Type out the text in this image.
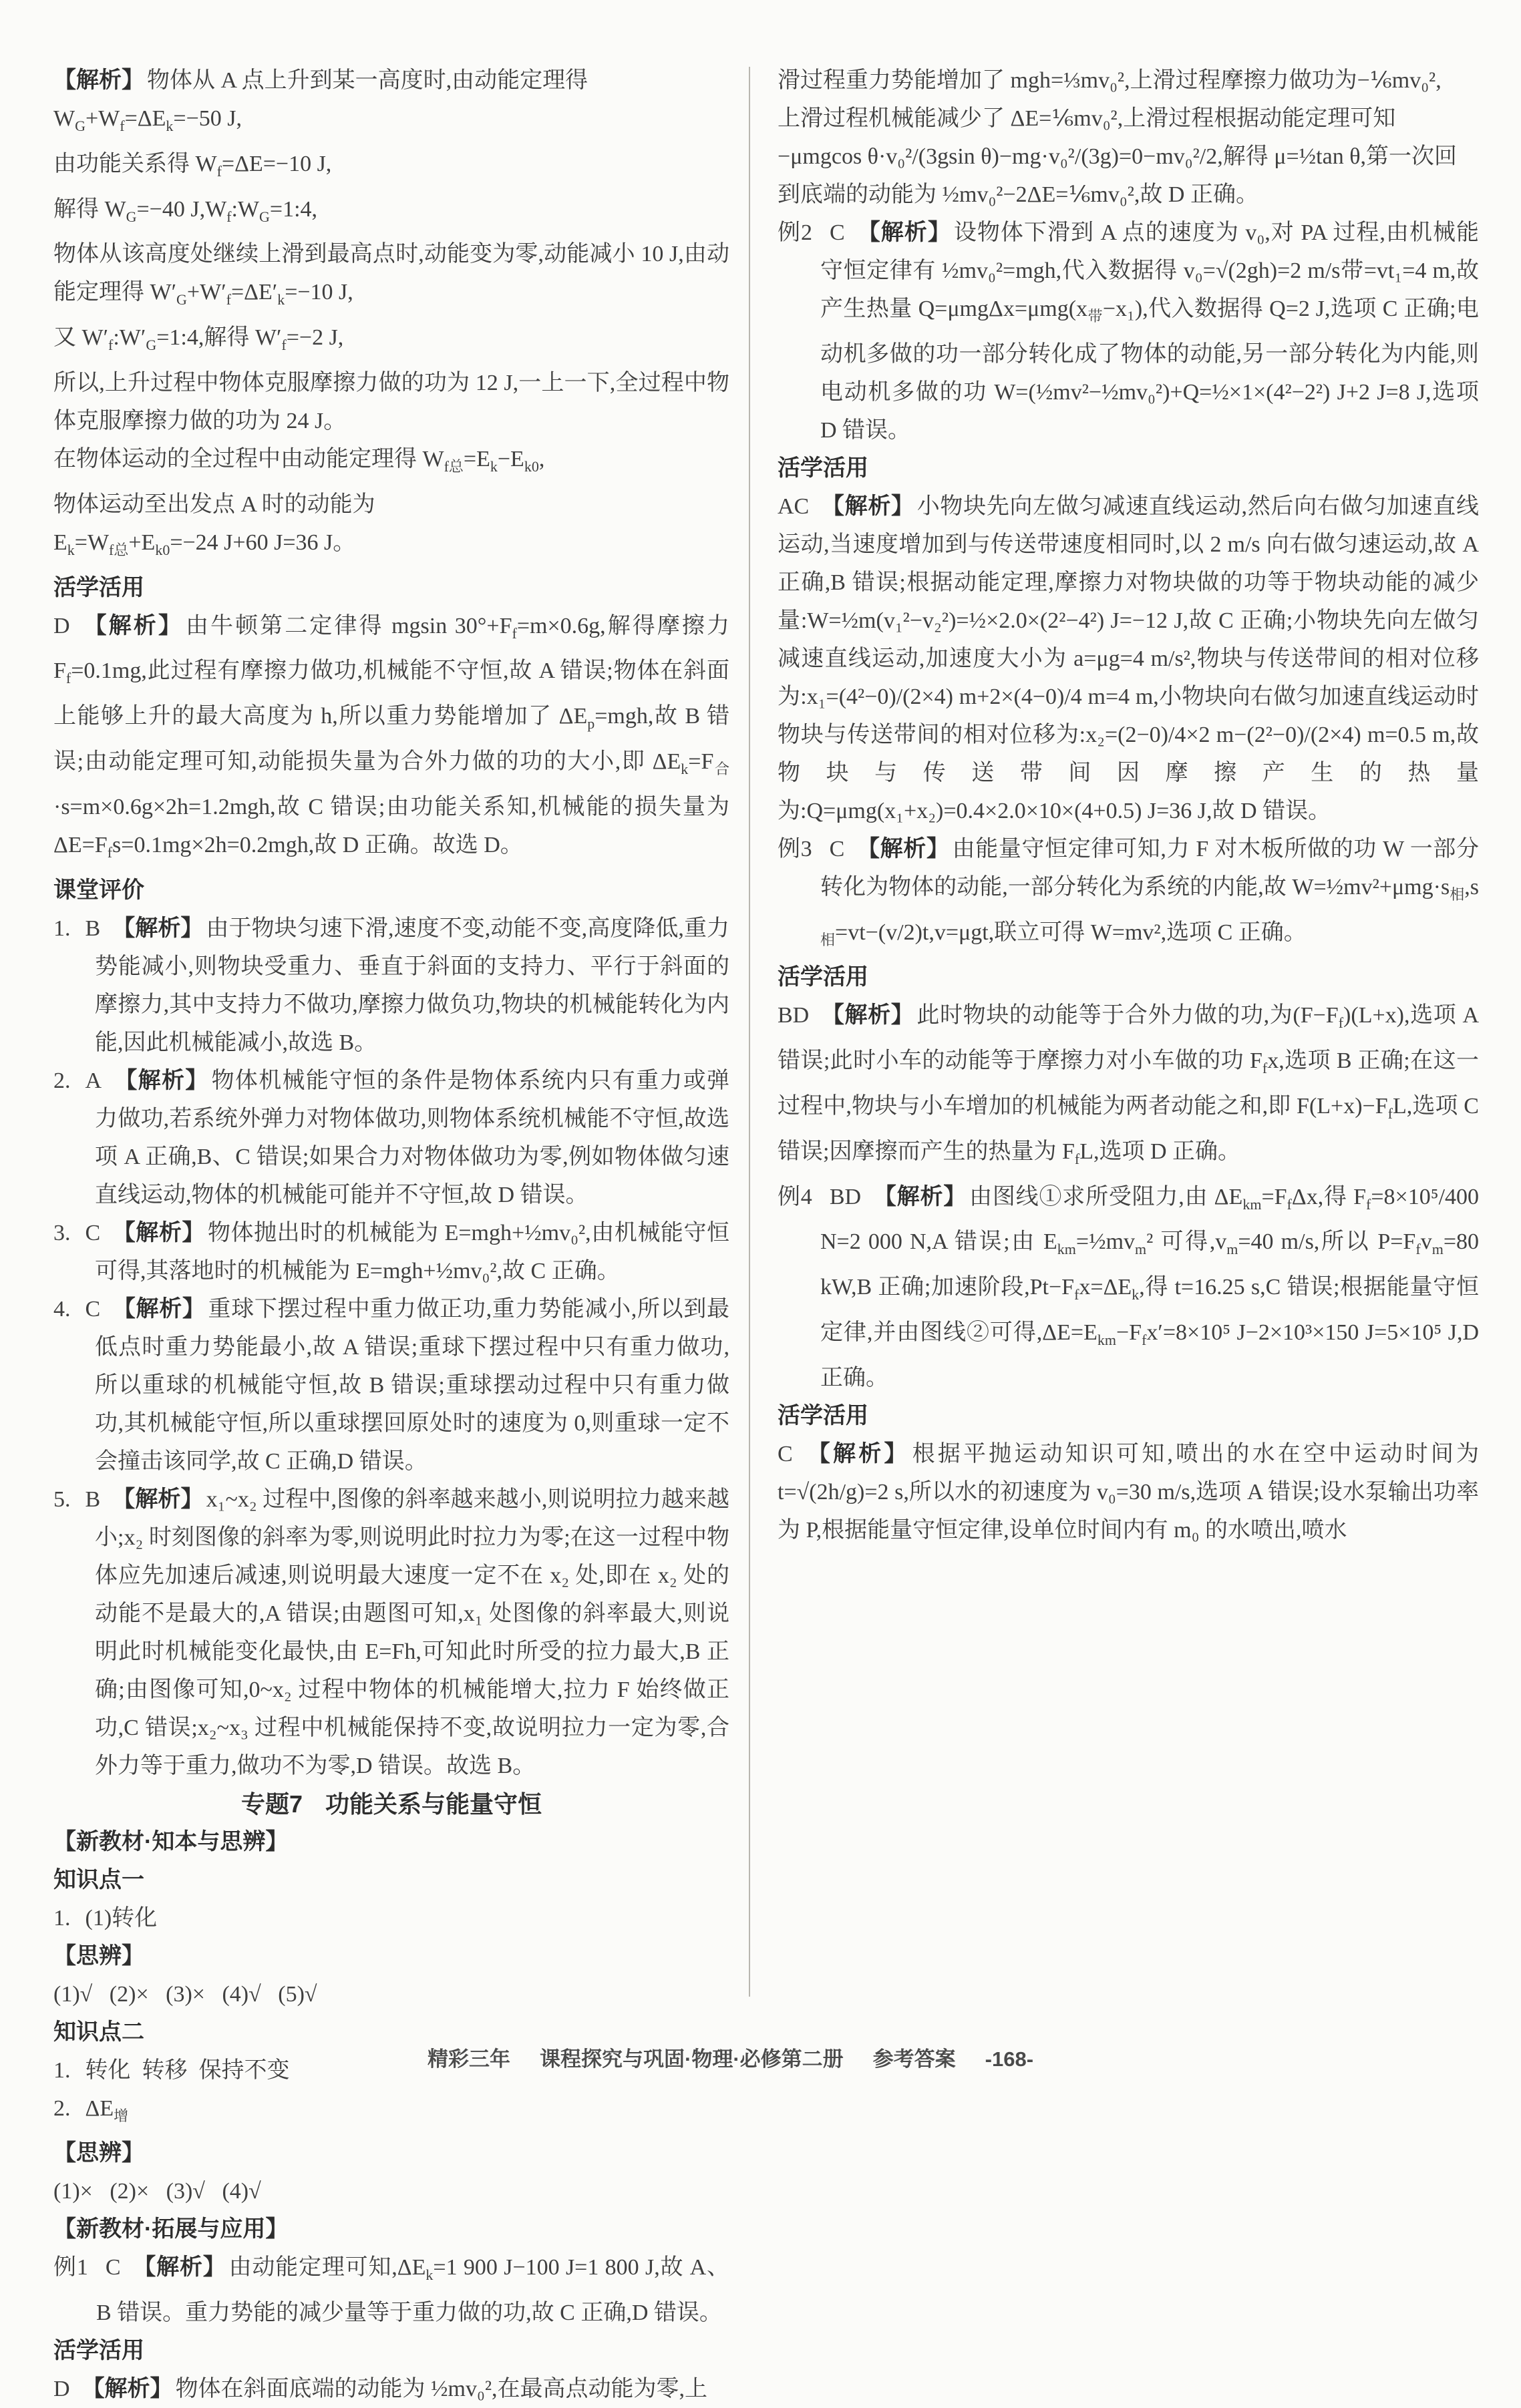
【解析】 物体从 A 点上升到某一高度时,由动能定理得

$W_G+W_f=\Delta E_k=-50$ J,

由功能关系得 $W_f=\Delta E=-10$ J,

解得 $W_G=-40$ $J,W_f:W_G=1:4$,

物体从该高度处继续上滑到最高点时,动能变为零,动能减小 10 J,由动能定理得 $W'_G+W'_f=\Delta E'_k=-10$ J,

又 $W'_f:W'_G=1:4$,解得 $W'_f=-2$ J,

所以,上升过程中物体克服摩擦力做的功为 12 J,一上一下,全过程中物体克服摩擦力做的功为 24 J。

在物体运动的全过程中由动能定理得 $W_{f总}=E_k-E_{k0}$,

物体运动至出发点 A 时的动能为

$E_k=W_{f总}+E_{k0}=-24$ J+60 J=36 J。

活学活用

D 【解析】 由牛顿第二定律得 mgsin $30^\circ+F_f=m\times 0.6g$,解得摩擦力 $F_f=0.1mg$,此过程有摩擦力做功,机械能不守恒,故 A 错误;物体在斜面上能够上升的最大高度为 h,所以重力势能增加了 $\Delta E_p=mgh$,故 B 错误;由动能定理可知,动能损失量为合外力做的功的大小,即 $\Delta E_k=F_合\cdot s=m\times 0.6g\times 2h=1.2mgh$,故 C 错误;由功能关系知,机械能的损失量为 $\Delta E=F_fs=0.1mg\times 2h=0.2mgh$,故 D 正确。故选 D。

课堂评价

1. B 【解析】 由于物块匀速下滑,速度不变,动能不变,高度降低,重力势能减小,则物块受重力、垂直于斜面的支持力、平行于斜面的摩擦力,其中支持力不做功,摩擦力做负功,物块的机械能转化为内能,因此机械能减小,故选 B。

2. A 【解析】 物体机械能守恒的条件是物体系统内只有重力或弹力做功,若系统外弹力对物体做功,则物体系统机械能不守恒,故选项 A 正确,B、C 错误;如果合力对物体做功为零,例如物体做匀速直线运动,物体的机械能可能并不守恒,故 D 错误。

3. C 【解析】 物体抛出时的机械能为 E=mgh+½mv₀²,由机械能守恒可得,其落地时的机械能为 E=mgh+½mv₀²,故 C 正确。

4. C 【解析】 重球下摆过程中重力做正功,重力势能减小,所以到最低点时重力势能最小,故 A 错误;重球下摆过程中只有重力做功,所以重球的机械能守恒,故 B 错误;重球摆动过程中只有重力做功,其机械能守恒,所以重球摆回原处时的速度为 0,则重球一定不会撞击该同学,故 C 正确,D 错误。

5. B 【解析】 x₁~x₂ 过程中,图像的斜率越来越小,则说明拉力越来越小;x₂ 时刻图像的斜率为零,则说明此时拉力为零;在这一过程中物体应先加速后减速,则说明最大速度一定不在 x₂ 处,即在 x₂ 处的动能不是最大的,A 错误;由题图可知,x₁ 处图像的斜率最大,则说明此时机械能变化最快,由 E=Fh,可知此时所受的拉力最大,B 正确;由图像可知,0~x₂ 过程中物体的机械能增大,拉力 F 始终做正功,C 错误;x₂~x₃ 过程中机械能保持不变,故说明拉力一定为零,合外力等于重力,做功不为零,D 错误。故选 B。

专题7 功能关系与能量守恒

【新教材·知本与思辨】

知识点一

1. (1)转化

【思辨】

(1)√   (2)×   (3)×   (4)√   (5)√

知识点二

1. 转化  转移  保持不变

2. $\Delta E_增$

【思辨】

(1)×   (2)×   (3)√   (4)√

【新教材·拓展与应用】

例1 C 【解析】 由动能定理可知$,\Delta E_k=1$ 900 J−100 J=1 800 J,故 A、B 错误。重力势能的减少量等于重力做的功,故 C 正确,D 错误。

活学活用

D 【解析】 物体在斜面底端的动能为 ½mv₀²,在最高点动能为零,上

滑过程重力势能增加了 mgh=⅓mv₀²,上滑过程摩擦力做功为−⅙mv₀²,

上滑过程机械能减少了 ΔE=⅙mv₀²,上滑过程根据动能定理可知

−μmgcos θ·v₀²/(3gsin θ)−mg·v₀²/(3g)=0−mv₀²/2,解得 μ=½tan θ,第一次回

到底端的动能为 ½mv₀²−2ΔE=⅙mv₀²,故 D 正确。

例2 C 【解析】 设物体下滑到 A 点的速度为 v₀,对 PA 过程,由机械能守恒定律有 ½mv₀²=mgh,代入数据得 v₀=√(2gh)=2 m/s带=vt₁=4 m,故产生热量 $Q=\mu mg\Delta x=\mu mg(x_带-x_1)$,代入数据得 Q=2 J,选项 C 正确;电动机多做的功一部分转化成了物体的动能,另一部分转化为内能,则电动机多做的功 W=(½mv²−½mv₀²)+Q=½×1×(4²−2²) J+2 J=8 J,选项 D 错误。

活学活用

AC 【解析】 小物块先向左做匀减速直线运动,然后向右做匀加速直线运动,当速度增加到与传送带速度相同时,以 2 m/s 向右做匀速运动,故 A 正确,B 错误;根据动能定理,摩擦力对物块做的功等于物块动能的减少量:W=½m(v₁²−v₂²)=½×2.0×(2²−4²) J=−12 J,故 C 正确;小物块先向左做匀减速直线运动,加速度大小为 a=μg=4 m/s²,物块与传送带间的相对位移为:x₁=(4²−0)/(2×4) m+2×(4−0)/4 m=4 m,小物块向右做匀加速直线运动时物块与传送带间的相对位移为:x₂=(2−0)/4×2 m−(2²−0)/(2×4) m=0.5 m,故物块与传送带间因摩擦产生的热量为:Q=μmg(x₁+x₂)=0.4×2.0×10×(4+0.5) J=36 J,故 D 错误。

例3 C 【解析】 由能量守恒定律可知,力 F 对木板所做的功 W 一部分转化为物体的动能,一部分转化为系统的内能,故 $W=\frac{1}{2}mv^2+\mu mg\cdot s_相,s_相=vt-(v/2)t,v=\mu gt$,联立可得 W=mv²,选项 C 正确。

活学活用

BD 【解析】 此时物块的动能等于合外力做的功,为$(F-F_f)(L+x)$,选项 A 错误;此时小车的动能等于摩擦力对小车做的功 $F_fx$,选项 B 正确;在这一过程中,物块与小车增加的机械能为两者动能之和,即 $F(L+x)-F_fL$,选项 C 错误;因摩擦而产生的热量为 $F_fL$,选项 D 正确。

例4 BD 【解析】 由图线①求所受阻力,由 $\Delta E_{km}=F_f\Delta x$,得 $F_f=8\times 10^5/400$ N=2 000 N,A 错误;由 $E_{km}=\frac{1}{2}mv_m^2$ 可得$,v_m=40$ m/s,所以 $P=F_fv_m=80$ kW,B 正确;加速阶段$,Pt-F_fx=\Delta E_k$,得 t=16.25 s,C 错误;根据能量守恒定律,并由图线②可得$,\Delta E=E_{km}-F_fx'=8\times 10^5$ J−2×10³×150 J=5×10⁵ J,D 正确。

活学活用

C 【解析】 根据平抛运动知识可知,喷出的水在空中运动时间为 t=√(2h/g)=2 s,所以水的初速度为 v₀=30 m/s,选项 A 错误;设水泵输出功率为 P,根据能量守恒定律,设单位时间内有 m₀ 的水喷出,喷水

精彩三年 课程探究与巩固·物理·必修第二册 参考答案 -168-
